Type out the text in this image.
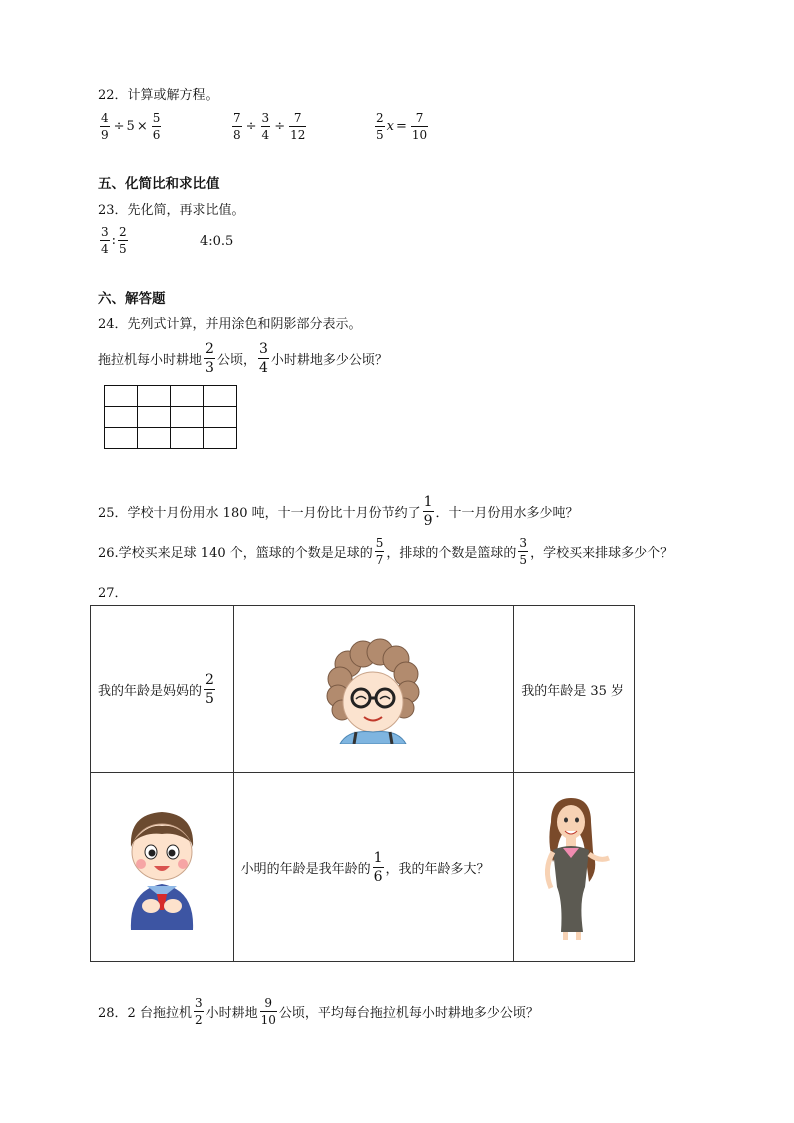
22．计算或解方程。
$\frac{4}{9} \div 5 \times \frac{5}{6}$	$\frac{7}{8} \div \frac{3}{4} \div \frac{7}{12}$	$\frac{2}{5}$ $x = \frac{7}{10}$
五、化简比和求比值
23．先化简，再求比值。
$\frac{3}{4}$ : $\frac{2}{5}$	4:0.5
六、解答题
24．先列式计算，并用涂色和阴影部分表示。
拖拉机每小时耕地 $\frac{2}{3}$ 公顷， $\frac{3}{4}$ 小时耕地多少公顷？

25．学校十月份用水 180 吨，十一月份比十月份节约了 $\frac{1}{9}$ ．十一月份用水多少吨？
26.学校买来足球 140 个，篮球的个数是足球的 $\frac{5}{7}$ ，排球的个数是篮球的 $\frac{3}{5}$ ，学校买来排球多少个？
27．
我的年龄是妈妈的 $\frac{2}{5}$		我的年龄是 35 岁

小明的年龄是我年龄的 $\frac{1}{6}$ ，我的年龄多大？

28．2 台拖拉机 $\frac{3}{2}$ 小时耕地 $\frac{9}{10}$ 公顷，平均每台拖拉机每小时耕地多少公顷？
